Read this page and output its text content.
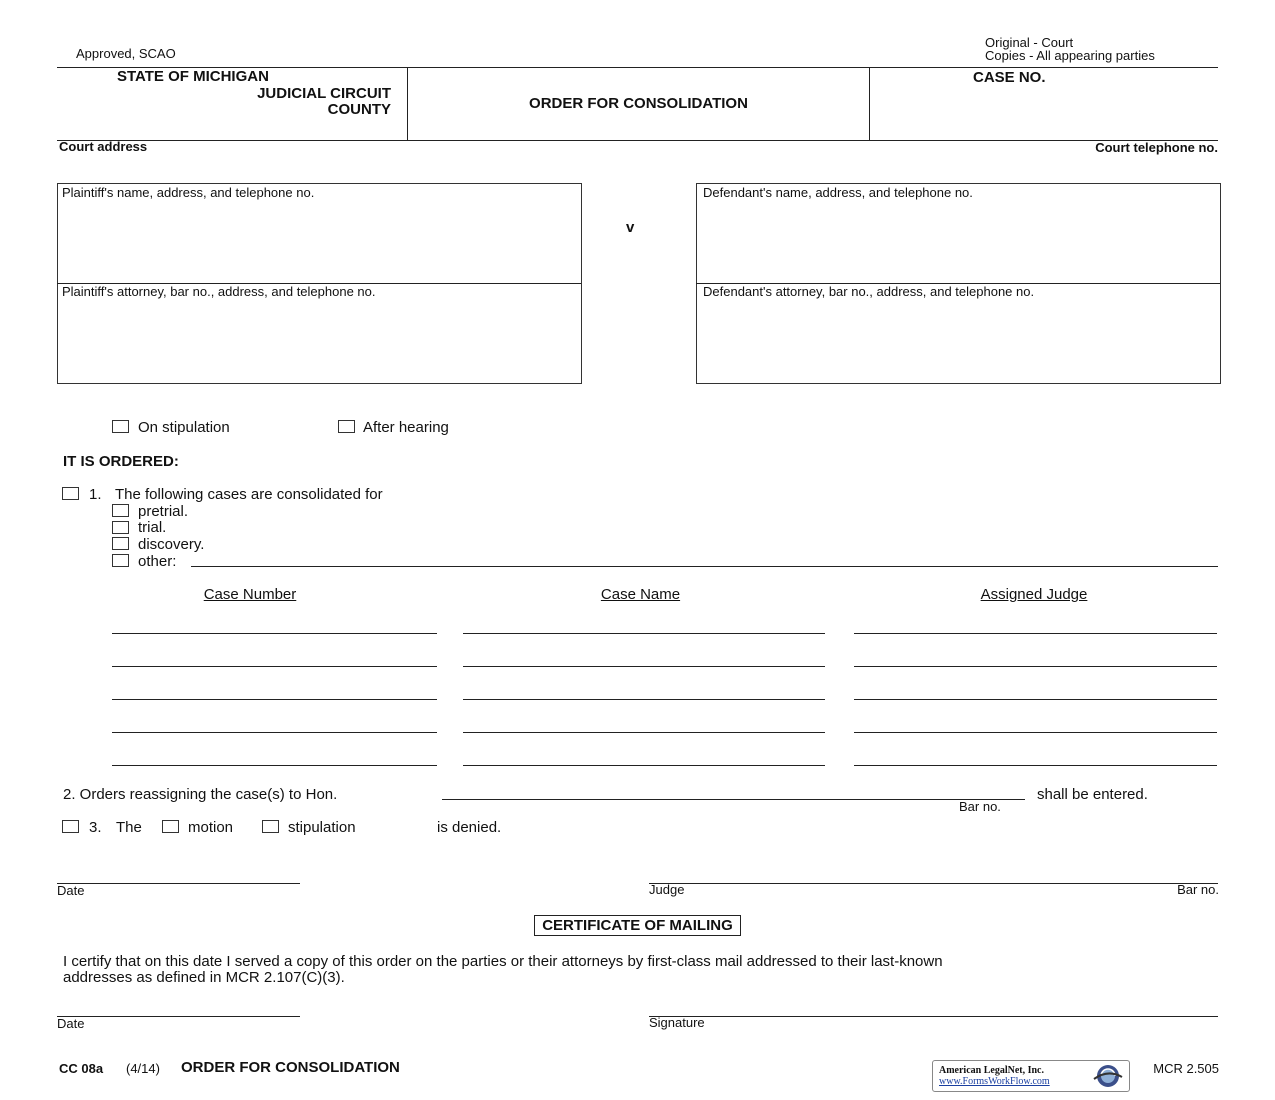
Approved, SCAO
Original - Court
Copies - All appearing parties
STATE OF MICHIGAN
JUDICIAL CIRCUIT
COUNTY	ORDER FOR CONSOLIDATION
CASE NO.
Court address	Court telephone no.
Plaintiff's name, address, and telephone no.
Plaintiff's attorney, bar no., address, and telephone no.
v
Defendant's name, address, and telephone no.
Defendant's attorney, bar no., address, and telephone no.
On stipulation	After hearing
IT IS ORDERED:
1. The following cases are consolidated for
pretrial.
trial.
discovery.
other:
Case Number	Case Name	Assigned Judge
2. Orders reassigning the case(s) to Hon.
Bar no.
shall be entered.
3. The	motion	stipulation	is denied.
Date	Judge	Bar no.
CERTIFICATE OF MAILING
I certify that on this date I served a copy of this order on the parties or their attorneys by first-class mail addressed to their last-known
addresses as defined in MCR 2.107(C)(3).
Date	Signature
CC 08a (4/14) ORDER FOR CONSOLIDATION	American LegalNet, Inc.
www.FormsWorkFlow.com
MCR 2.505
